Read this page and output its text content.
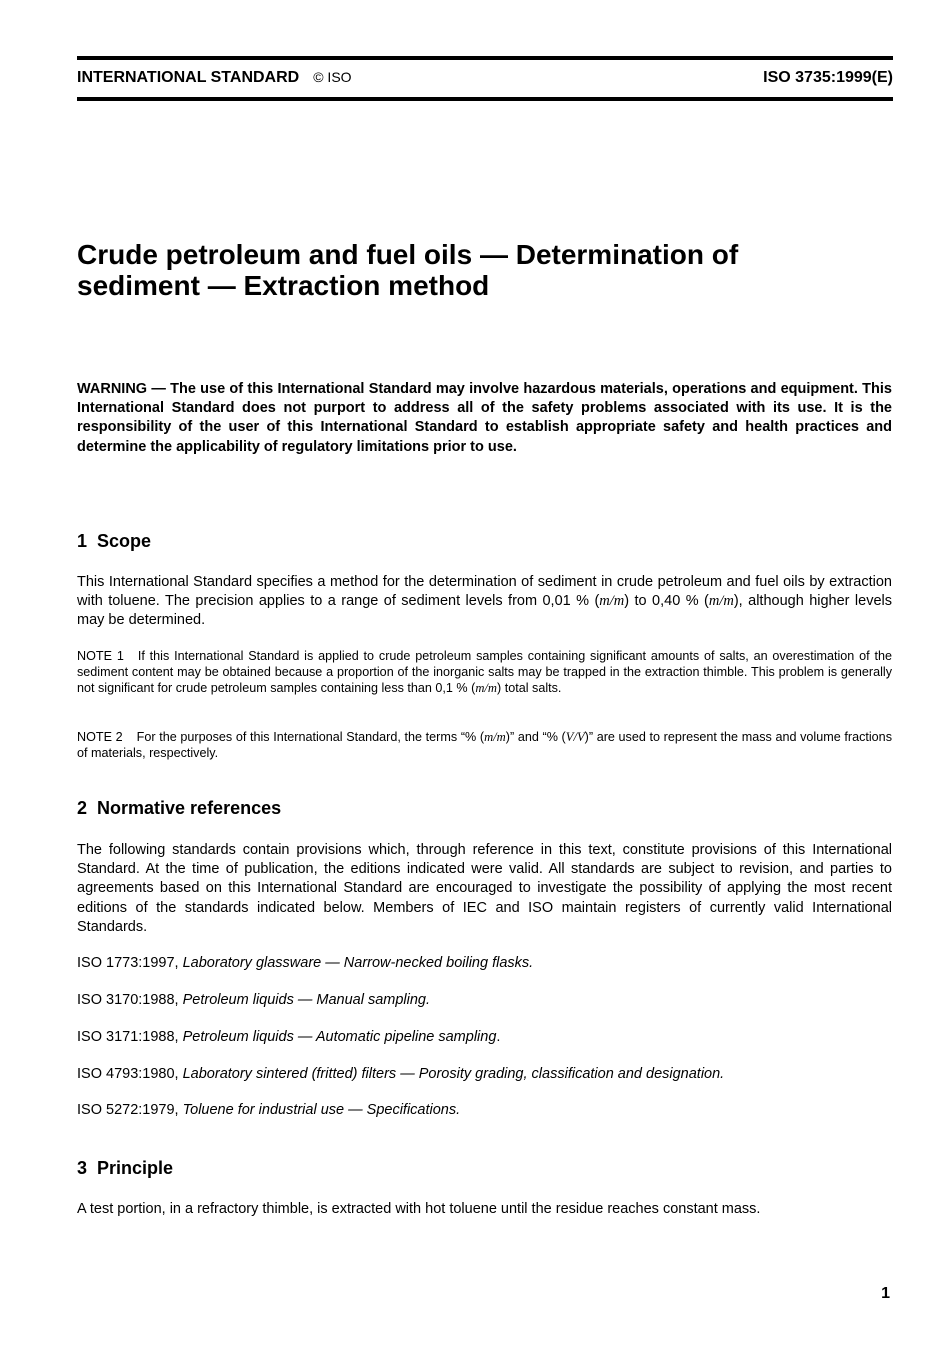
INTERNATIONAL STANDARD © ISO	ISO 3735:1999(E)
Crude petroleum and fuel oils — Determination of
sediment — Extraction method
WARNING — The use of this International Standard may involve hazardous materials, operations and equipment. This International Standard does not purport to address all of the safety problems associated with its use. It is the responsibility of the user of this International Standard to establish appropriate safety and health practices and determine the applicability of regulatory limitations prior to use.
1 Scope
This International Standard specifies a method for the determination of sediment in crude petroleum and fuel oils by extraction with toluene. The precision applies to a range of sediment levels from 0,01 % (m/m) to 0,40 % (m/m), although higher levels may be determined.
NOTE 1 If this International Standard is applied to crude petroleum samples containing significant amounts of salts, an overestimation of the sediment content may be obtained because a proportion of the inorganic salts may be trapped in the extraction thimble. This problem is generally not significant for crude petroleum samples containing less than 0,1 % (m/m) total salts.
NOTE 2 For the purposes of this International Standard, the terms “% (m/m)” and “% (V/V)” are used to represent the mass and volume fractions of materials, respectively.
2 Normative references
The following standards contain provisions which, through reference in this text, constitute provisions of this International Standard. At the time of publication, the editions indicated were valid. All standards are subject to revision, and parties to agreements based on this International Standard are encouraged to investigate the possibility of applying the most recent editions of the standards indicated below. Members of IEC and ISO maintain registers of currently valid International Standards.
ISO 1773:1997, Laboratory glassware — Narrow-necked boiling flasks.
ISO 3170:1988, Petroleum liquids — Manual sampling.
ISO 3171:1988, Petroleum liquids — Automatic pipeline sampling.
ISO 4793:1980, Laboratory sintered (fritted) filters — Porosity grading, classification and designation.
ISO 5272:1979, Toluene for industrial use — Specifications.
3 Principle
A test portion, in a refractory thimble, is extracted with hot toluene until the residue reaches constant mass.
1
